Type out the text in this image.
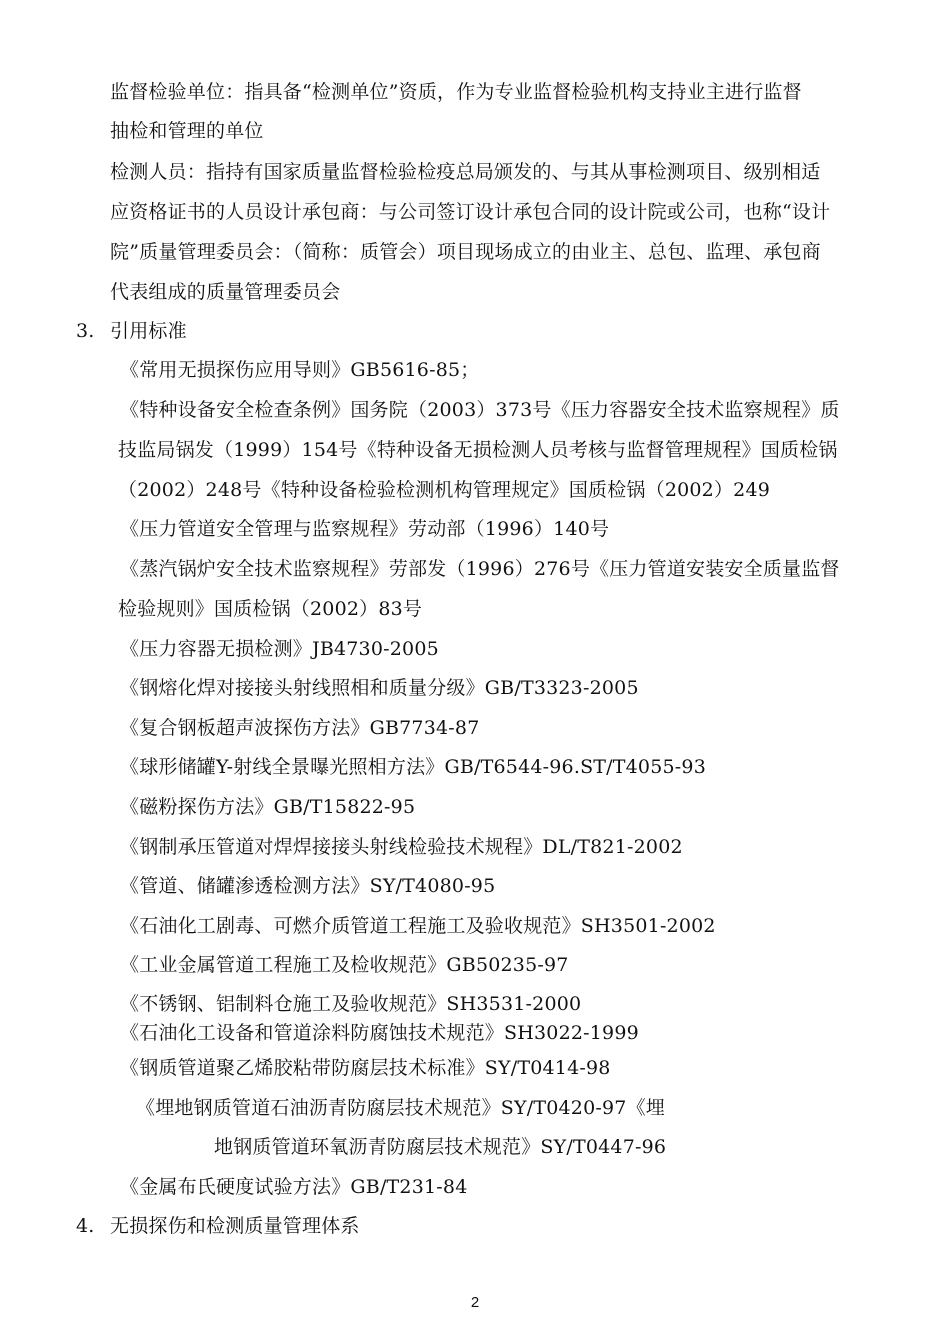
监督检验单位：指具备“检测单位”资质，作为专业监督检验机构支持业主进行监督
抽检和管理的单位
检测人员：指持有国家质量监督检验检疫总局颁发的、与其从事检测项目、级别相适
应资格证书的人员设计承包商：与公司签订设计承包合同的设计院或公司，也称“设计
院”质量管理委员会：（简称：质管会）项目现场成立的由业主、总包、监理、承包商
代表组成的质量管理委员会
3. 引用标准
《常用无损探伤应用导则》GB5616-85；
《特种设备安全检查条例》国务院（2003）373号《压力容器安全技术监察规程》质
技监局锅发（1999）154号《特种设备无损检测人员考核与监督管理规程》国质检锅
（2002）248号《特种设备检验检测机构管理规定》国质检锅（2002）249
《压力管道安全管理与监察规程》劳动部（1996）140号
《蒸汽锅炉安全技术监察规程》劳部发（1996）276号《压力管道安装安全质量监督
检验规则》国质检锅（2002）83号
《压力容器无损检测》JB4730-2005
《钢熔化焊对接接头射线照相和质量分级》GB/T3323-2005
《复合钢板超声波探伤方法》GB7734-87
《球形储罐Y-射线全景曝光照相方法》GB/T6544-96.ST/T4055-93
《磁粉探伤方法》GB/T15822-95
《钢制承压管道对焊焊接接头射线检验技术规程》DL/T821-2002
《管道、储罐渗透检测方法》SY/T4080-95
《石油化工剧毒、可燃介质管道工程施工及验收规范》SH3501-2002
《工业金属管道工程施工及检收规范》GB50235-97
《不锈钢、铝制料仓施工及验收规范》SH3531-2000
《石油化工设备和管道涂料防腐蚀技术规范》SH3022-1999
《钢质管道聚乙烯胶粘带防腐层技术标准》SY/T0414-98
《埋地钢质管道石油沥青防腐层技术规范》SY/T0420-97《埋
地钢质管道环氧沥青防腐层技术规范》SY/T0447-96
《金属布氏硬度试验方法》GB/T231-84
4. 无损探伤和检测质量管理体系
2
